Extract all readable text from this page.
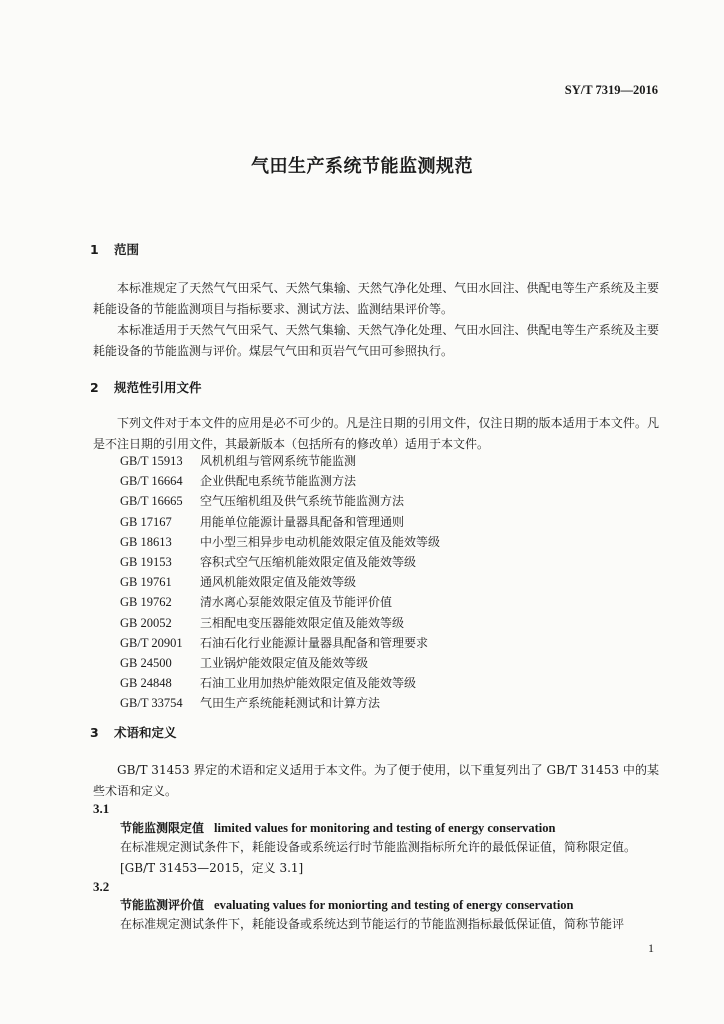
SY/T 7319—2016
气田生产系统节能监测规范
1 范围
本标准规定了天然气气田采气、天然气集输、天然气净化处理、气田水回注、供配电等生产系统及主要耗能设备的节能监测项目与指标要求、测试方法、监测结果评价等。
本标准适用于天然气气田采气、天然气集输、天然气净化处理、气田水回注、供配电等生产系统及主要耗能设备的节能监测与评价。煤层气气田和页岩气气田可参照执行。
2 规范性引用文件
下列文件对于本文件的应用是必不可少的。凡是注日期的引用文件，仅注日期的版本适用于本文件。凡是不注日期的引用文件，其最新版本（包括所有的修改单）适用于本文件。
GB/T 15913 风机机组与管网系统节能监测
GB/T 16664 企业供配电系统节能监测方法
GB/T 16665 空气压缩机组及供气系统节能监测方法
GB 17167 用能单位能源计量器具配备和管理通则
GB 18613 中小型三相异步电动机能效限定值及能效等级
GB 19153 容积式空气压缩机能效限定值及能效等级
GB 19761 通风机能效限定值及能效等级
GB 19762 清水离心泵能效限定值及节能评价值
GB 20052 三相配电变压器能效限定值及能效等级
GB/T 20901 石油石化行业能源计量器具配备和管理要求
GB 24500 工业锅炉能效限定值及能效等级
GB 24848 石油工业用加热炉能效限定值及能效等级
GB/T 33754 气田生产系统能耗测试和计算方法
3 术语和定义
GB/T 31453 界定的术语和定义适用于本文件。为了便于使用，以下重复列出了 GB/T 31453 中的某些术语和定义。
3.1
节能监测限定值 limited values for monitoring and testing of energy conservation
在标准规定测试条件下，耗能设备或系统运行时节能监测指标所允许的最低保证值，简称限定值。
[GB/T 31453—2015，定义 3.1]
3.2
节能监测评价值 evaluating values for moniorting and testing of energy conservation
在标准规定测试条件下，耗能设备或系统达到节能运行的节能监测指标最低保证值，简称节能评
1
